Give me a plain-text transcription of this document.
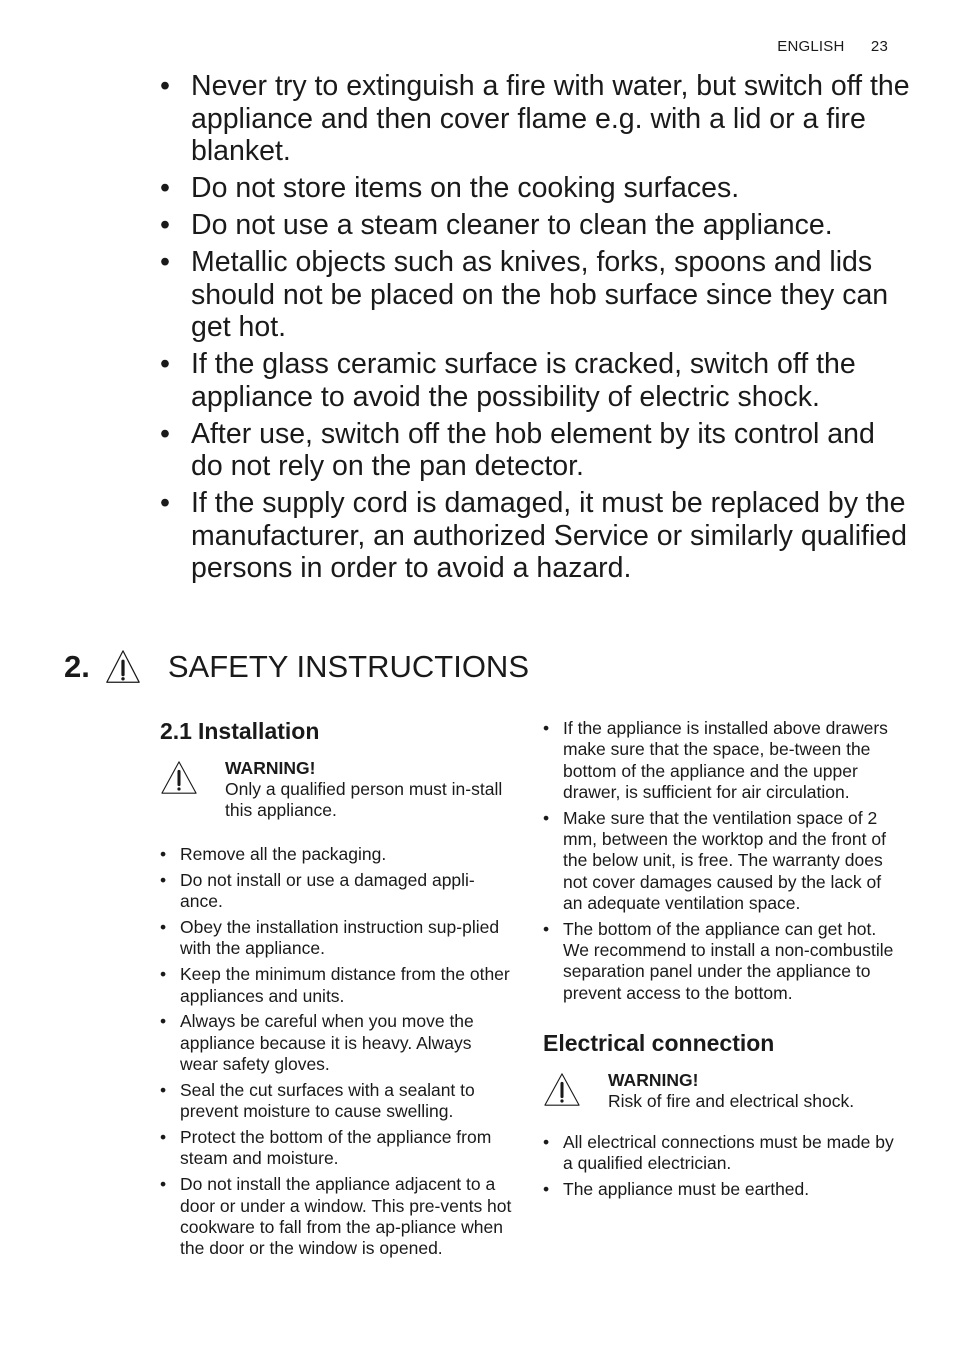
ENGLISH 23
• Never try to extinguish a fire with water, but switch off the appliance and then cover flame e.g. with a lid or a fire blanket.
• Do not store items on the cooking surfaces.
• Do not use a steam cleaner to clean the appliance.
• Metallic objects such as knives, forks, spoons and lids should not be placed on the hob surface since they can get hot.
• If the glass ceramic surface is cracked, switch off the appliance to avoid the possibility of electric shock.
• After use, switch off the hob element by its control and do not rely on the pan detector.
• If the supply cord is damaged, it must be replaced by the manufacturer, an authorized Service or similarly qualified persons in order to avoid a hazard.
2.	SAFETY INSTRUCTIONS
2.1 Installation
WARNING!
Only a qualified person must in-stall this appliance.
• Remove all the packaging.
• Do not install or use a damaged appli-ance.
• Obey the installation instruction sup-plied with the appliance.
• Keep the minimum distance from the other appliances and units.
• Always be careful when you move the appliance because it is heavy. Always wear safety gloves.
• Seal the cut surfaces with a sealant to prevent moisture to cause swelling.
• Protect the bottom of the appliance from steam and moisture.
• Do not install the appliance adjacent to a door or under a window. This pre-vents hot cookware to fall from the ap-pliance when the door or the window is opened.
• If the appliance is installed above drawers make sure that the space, be-tween the bottom of the appliance and the upper drawer, is sufficient for air circulation.
• Make sure that the ventilation space of 2 mm, between the worktop and the front of the below unit, is free. The warranty does not cover damages caused by the lack of an adequate ventilation space.
• The bottom of the appliance can get hot. We recommend to install a non-combustile separation panel under the appliance to prevent access to the bottom.
Electrical connection
WARNING!
Risk of fire and electrical shock.
• All electrical connections must be made by a qualified electrician.
• The appliance must be earthed.
